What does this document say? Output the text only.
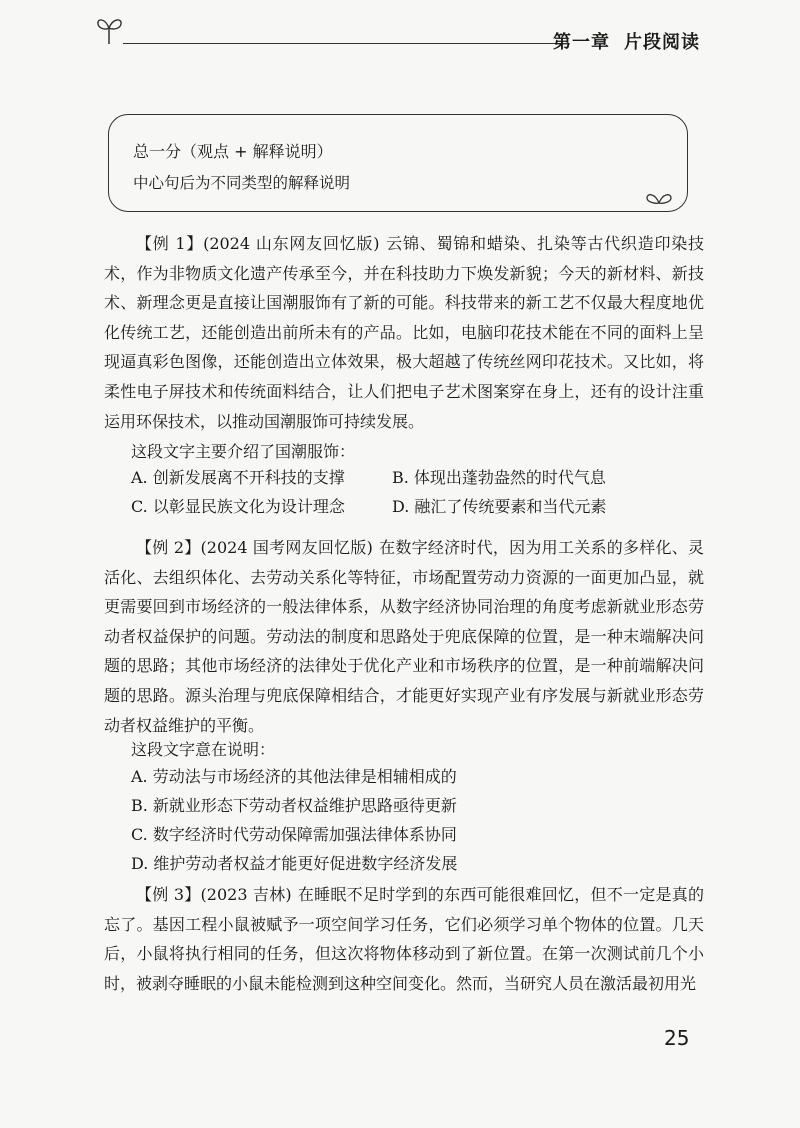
第一章 片段阅读
总一分（观点 + 解释说明）
中心句后为不同类型的解释说明

【例 1】(2024 山东网友回忆版) 云锦、蜀锦和蜡染、扎染等古代织造印染技术，作为非物质文化遗产传承至今，并在科技助力下焕发新貌；今天的新材料、新技术、新理念更是直接让国潮服饰有了新的可能。科技带来的新工艺不仅最大程度地优化传统工艺，还能创造出前所未有的产品。比如，电脑印花技术能在不同的面料上呈现逼真彩色图像，还能创造出立体效果，极大超越了传统丝网印花技术。又比如，将柔性电子屏技术和传统面料结合，让人们把电子艺术图案穿在身上，还有的设计注重运用环保技术，以推动国潮服饰可持续发展。

这段文字主要介绍了国潮服饰：

A. 创新发展离不开科技的支撑	B. 体现出蓬勃盎然的时代气息

C. 以彰显民族文化为设计理念	D. 融汇了传统要素和当代元素

【例 2】(2024 国考网友回忆版) 在数字经济时代，因为用工关系的多样化、灵活化、去组织体化、去劳动关系化等特征，市场配置劳动力资源的一面更加凸显，就更需要回到市场经济的一般法律体系，从数字经济协同治理的角度考虑新就业形态劳动者权益保护的问题。劳动法的制度和思路处于兜底保障的位置，是一种末端解决问题的思路；其他市场经济的法律处于优化产业和市场秩序的位置，是一种前端解决问题的思路。源头治理与兜底保障相结合，才能更好实现产业有序发展与新就业形态劳动者权益维护的平衡。

这段文字意在说明：

A. 劳动法与市场经济的其他法律是相辅相成的

B. 新就业形态下劳动者权益维护思路亟待更新

C. 数字经济时代劳动保障需加强法律体系协同

D. 维护劳动者权益才能更好促进数字经济发展

【例 3】(2023 吉林) 在睡眠不足时学到的东西可能很难回忆，但不一定是真的忘了。基因工程小鼠被赋予一项空间学习任务，它们必须学习单个物体的位置。几天后，小鼠将执行相同的任务，但这次将物体移动到了新位置。在第一次测试前几个小时，被剥夺睡眠的小鼠未能检测到这种空间变化。然而，当研究人员在激活最初用光

25
